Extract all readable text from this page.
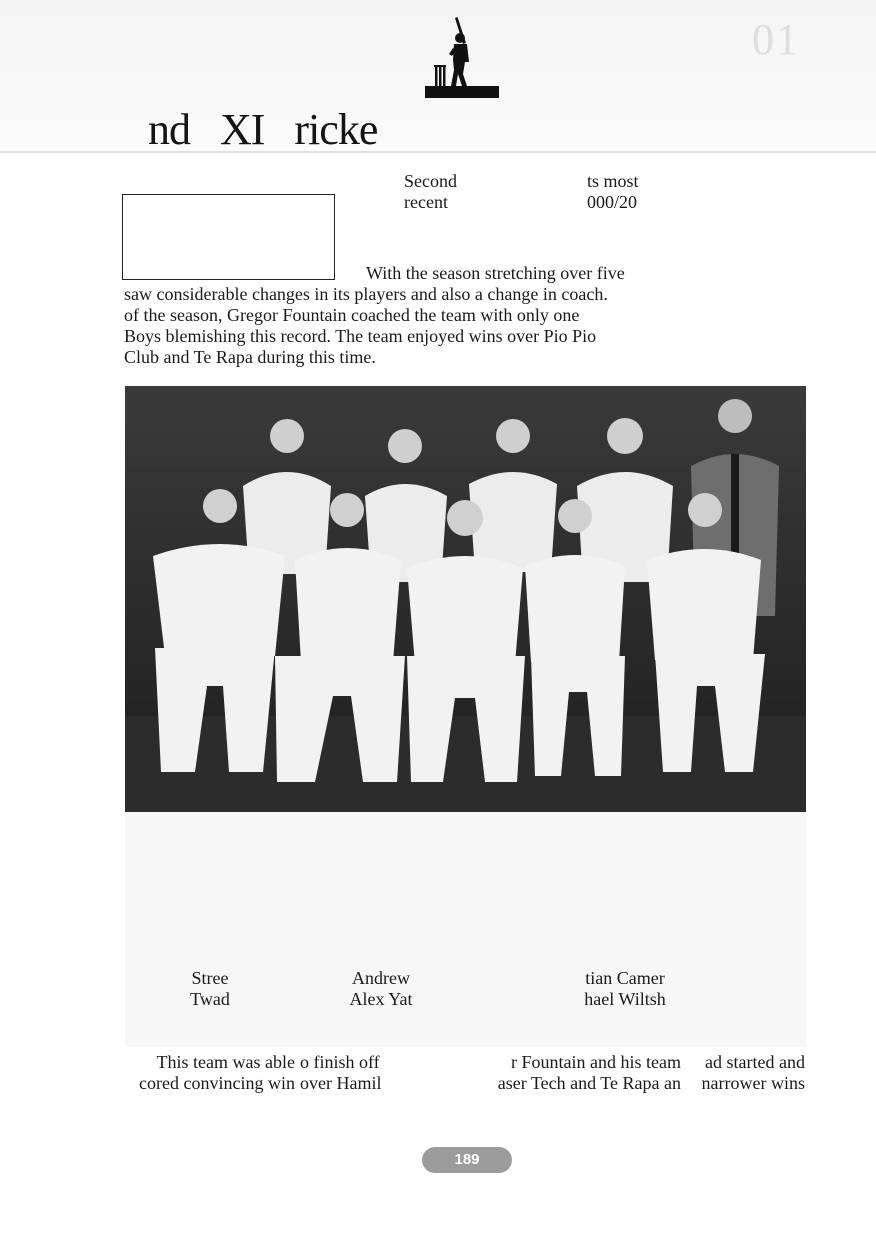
01
nd XI ricke
Second
recent
ts most
000/20
With the season stretching over five
saw considerable changes in its players and also a change in coach.
of the season, Gregor Fountain coached the team with only one
Boys blemishing this record. The team enjoyed wins over Pio Pio
Club and Te Rapa during this time.
Stree
Twad
Andrew
Alex Yat
tian Camer
hael Wiltsh
This team was able
cored convincing win
o finish off
over Hamil
r Fountain and his team
aser Tech and Te Rapa an
ad started and
narrower wins
189
